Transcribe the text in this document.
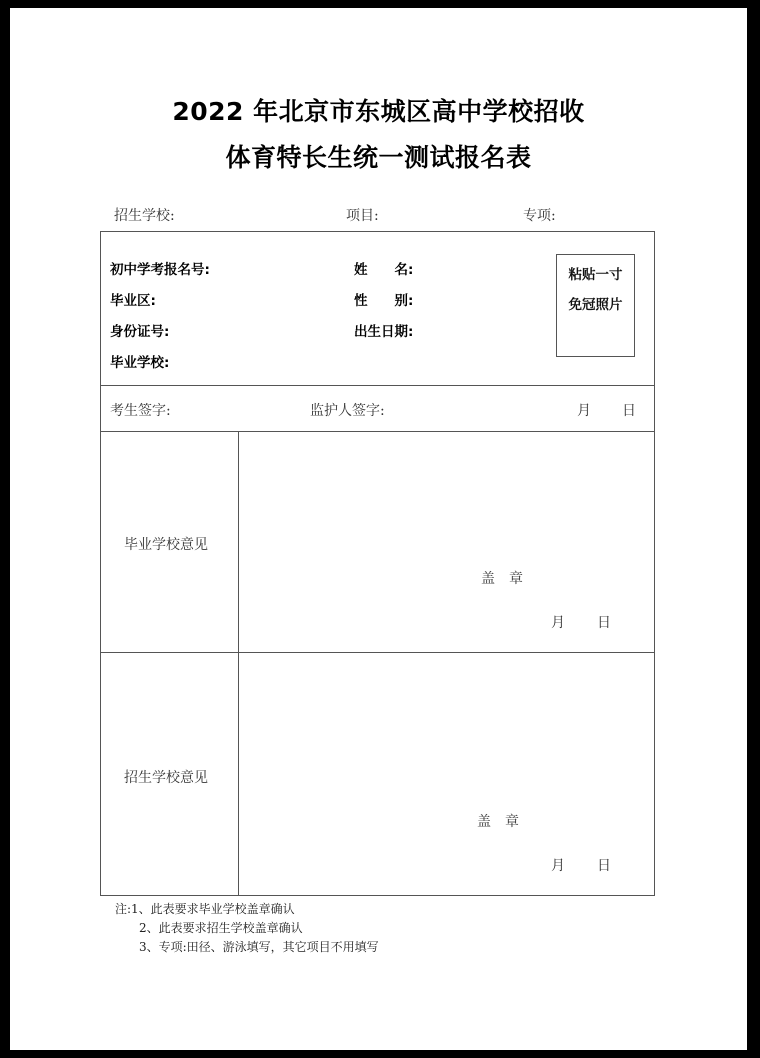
2022 年北京市东城区高中学校招收
体育特长生统一测试报名表
招生学校:	项目:	专项:
初中学考报名号:	姓　　名:
毕业区:	性　　别:
身份证号:	出生日期:
毕业学校:
粘贴一寸
免冠照片
考生签字:	监护人签字:	月 日
毕业学校意见
盖　章
月 日
招生学校意见
盖　章
月 日
注:1、此表要求毕业学校盖章确认
2、此表要求招生学校盖章确认
3、专项:田径、游泳填写，其它项目不用填写
